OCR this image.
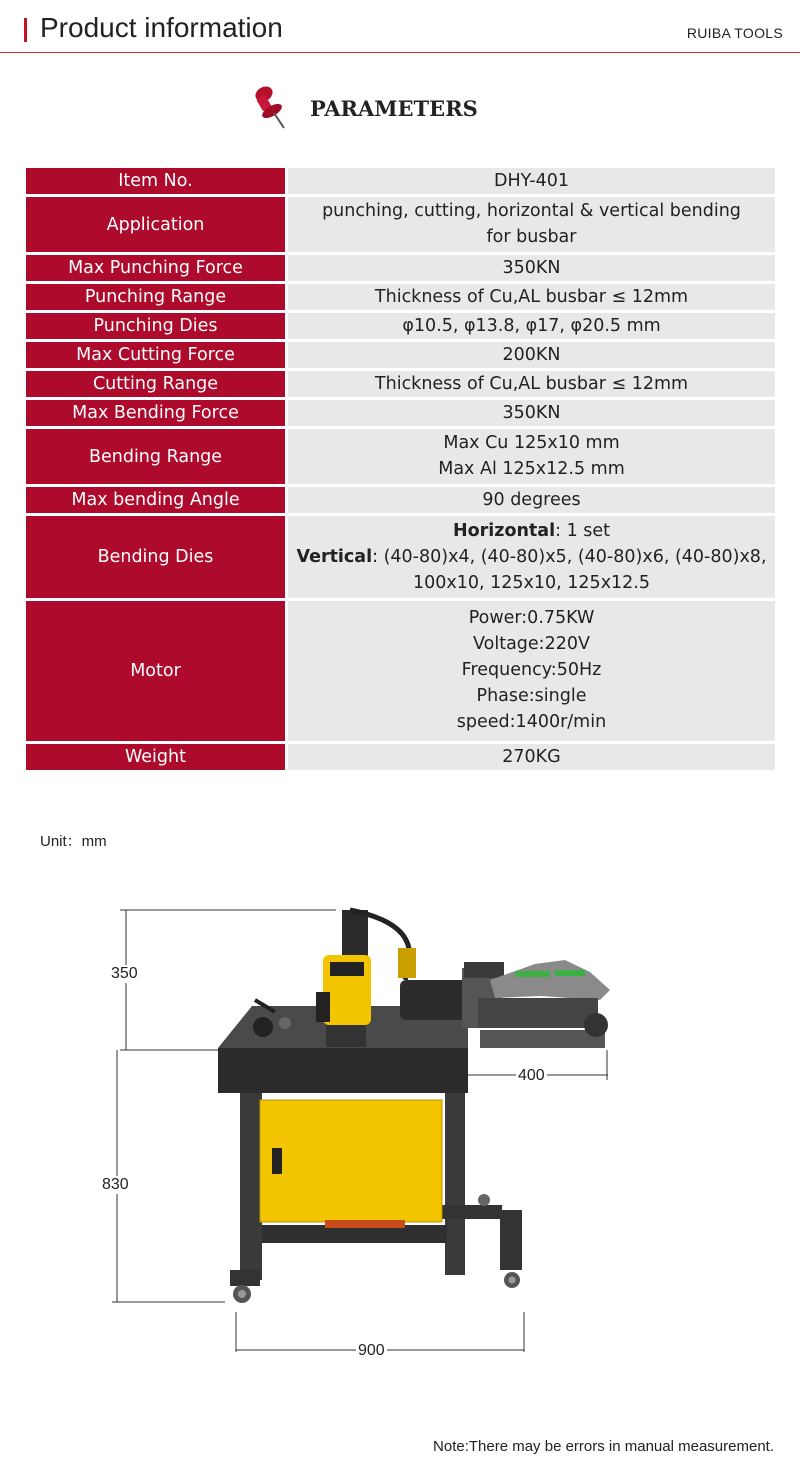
Product information	RUIBA TOOLS
PARAMETERS
Item No.	DHY-401

Application	punching, cutting, horizontal & vertical bending
for busbar

Max Punching Force	350KN

Punching Range	Thickness of Cu,AL busbar ≤ 12mm

Punching Dies	φ10.5, φ13.8, φ17, φ20.5 mm

Max Cutting Force	200KN

Cutting Range	Thickness of Cu,AL busbar ≤ 12mm

Max Bending Force	350KN

Bending Range	Max Cu 125x10 mm
Max Al 125x12.5 mm

Max bending Angle	90 degrees

Bending Dies	Horizontal: 1 set
Vertical: (40-80)x4, (40-80)x5, (40-80)x6, (40-80)x8,
100x10, 125x10, 125x12.5

Motor	Power:0.75KW
Voltage:220V
Frequency:50Hz
Phase:single
speed:1400r/min

Weight	270KG
Unit：mm
350
830
400
900
Note:There may be errors in manual measurement.
